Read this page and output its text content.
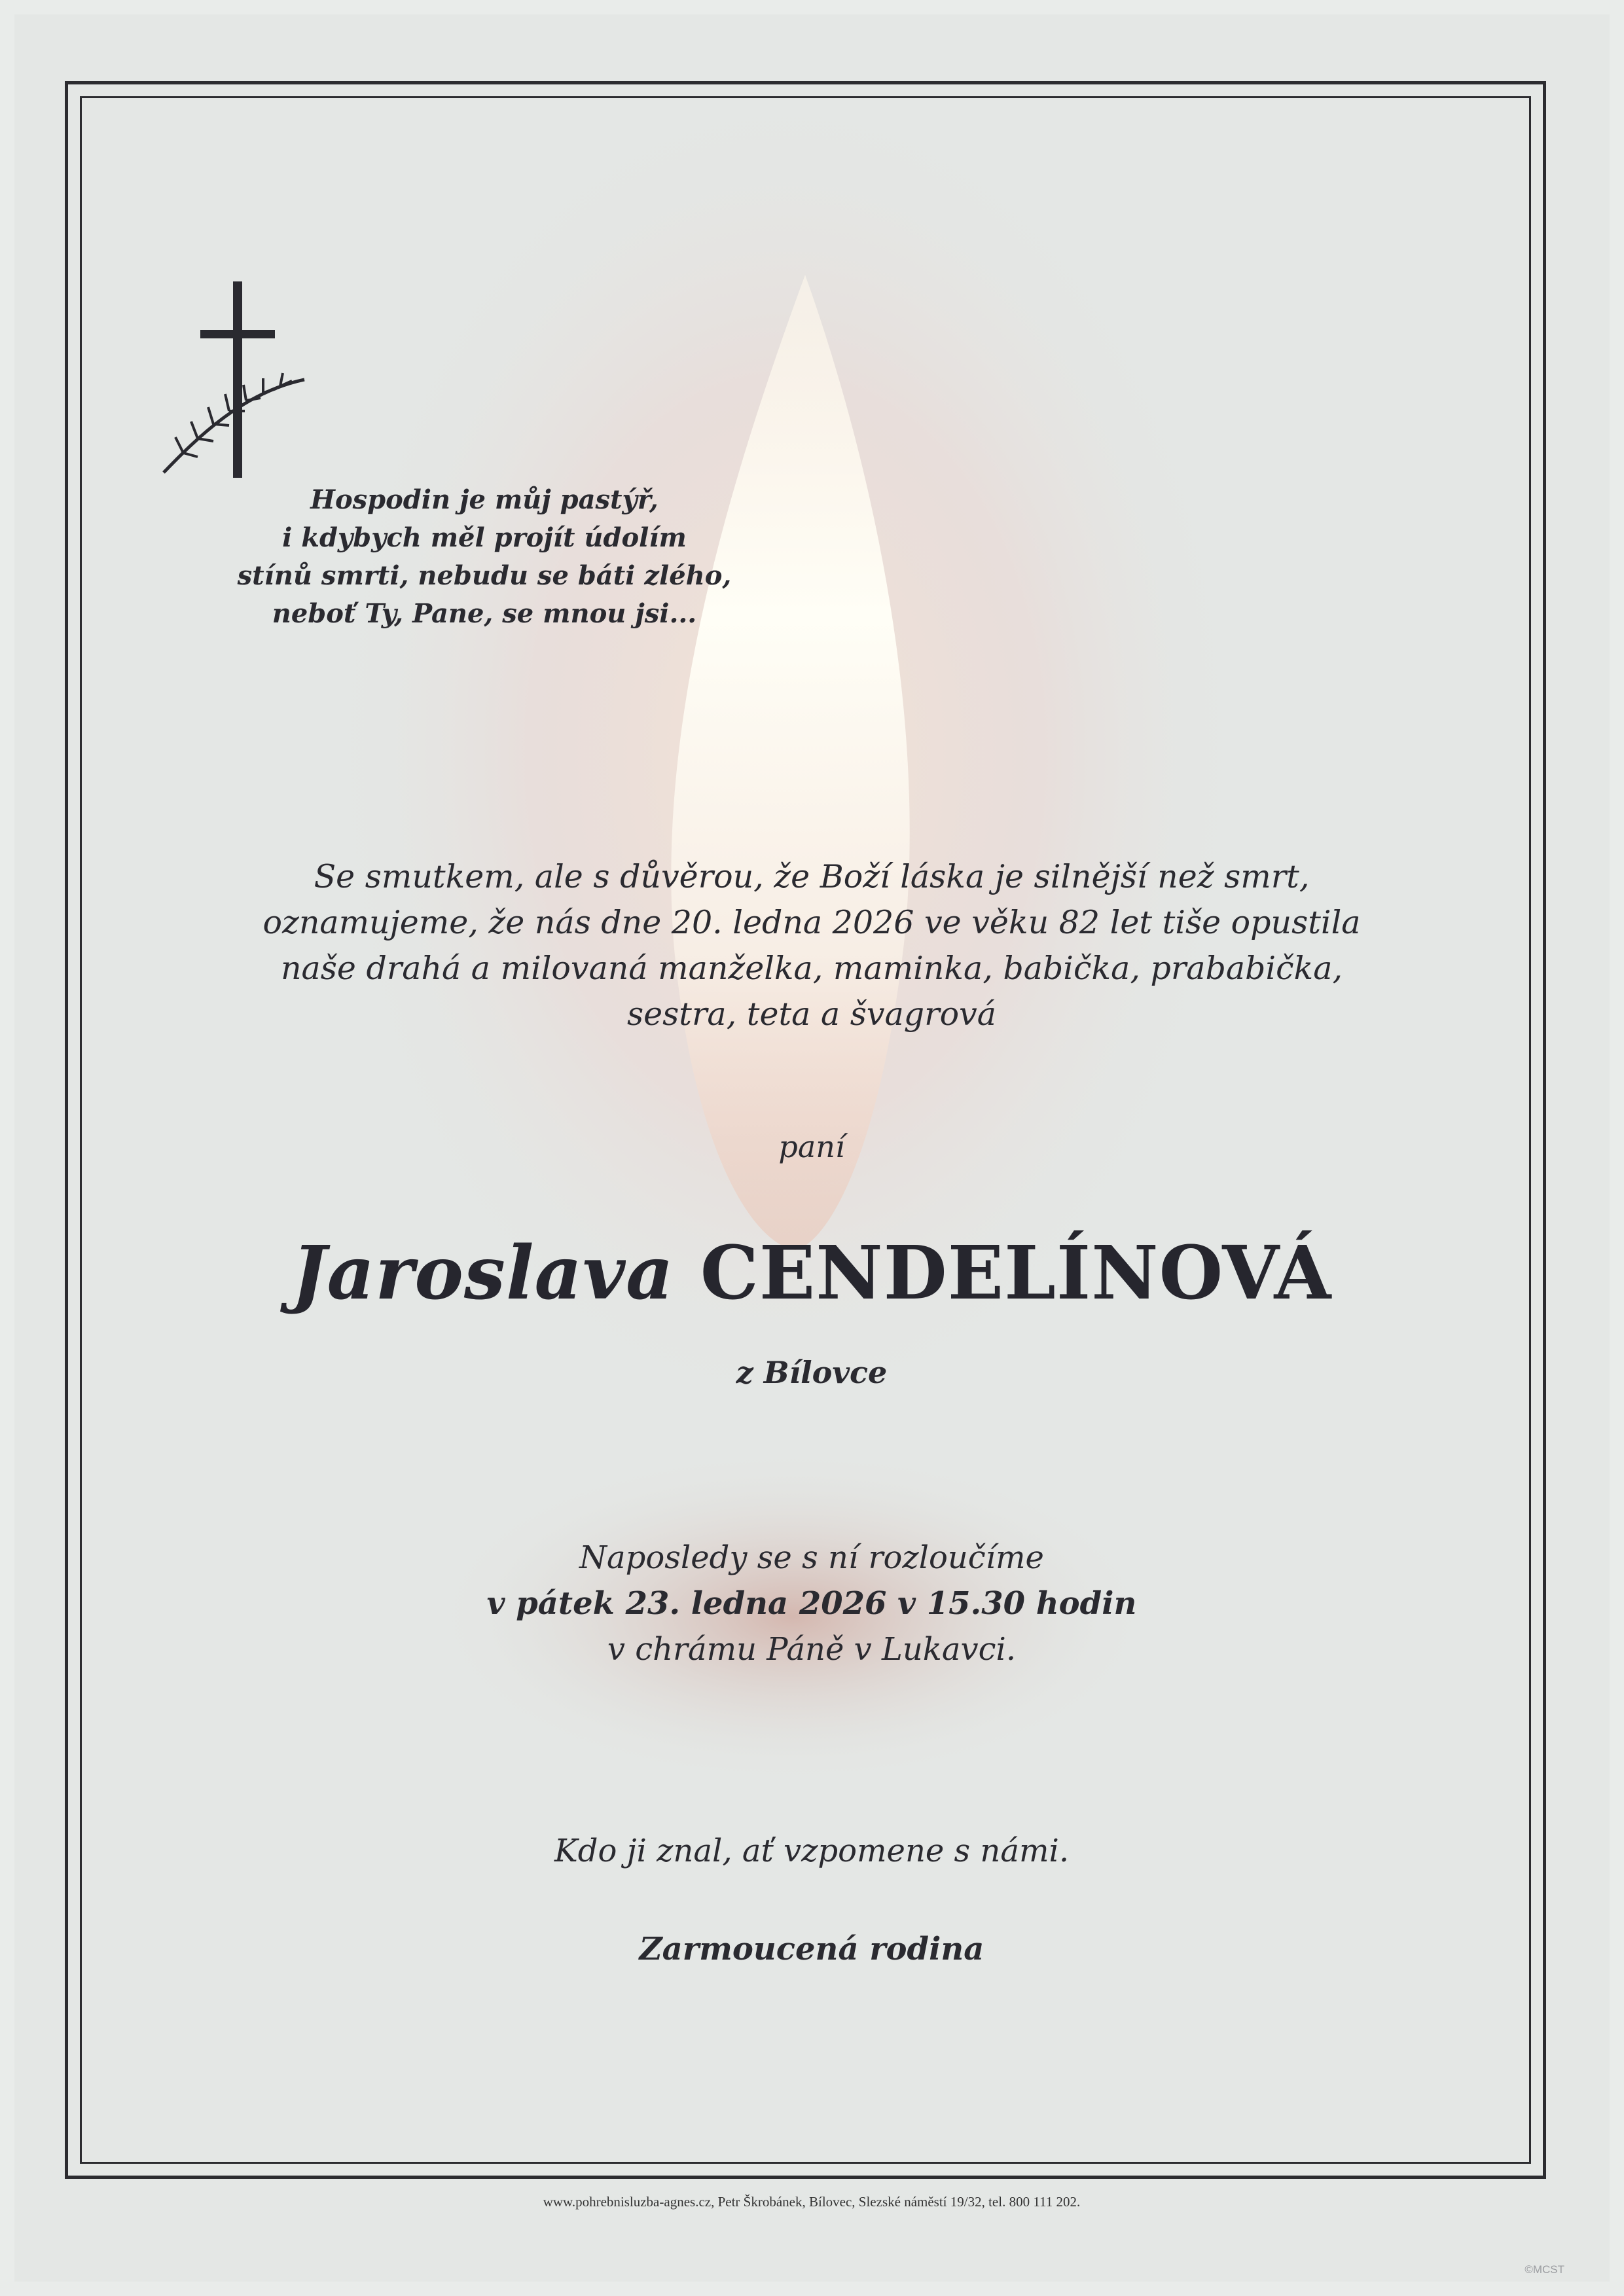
Hospodin je můj pastýř,
i kdybych měl projít údolím
stínů smrti, nebudu se báti zlého,
neboť Ty, Pane, se mnou jsi...
Se smutkem, ale s důvěrou, že Boží láska je silnější než smrt,
oznamujeme, že nás dne 20. ledna 2026 ve věku 82 let tiše opustila
naše drahá a milovaná manželka, maminka, babička, prababička,
sestra, teta a švagrová
paní
Jaroslava CENDELÍNOVÁ
z Bílovce
Naposledy se s ní rozloučíme
v pátek 23. ledna 2026 v 15.30 hodin
v chrámu Páně v Lukavci.
Kdo ji znal, ať vzpomene s námi.
Zarmoucená rodina
www.pohrebnisluzba-agnes.cz, Petr Škrobánek, Bílovec, Slezské náměstí 19/32, tel. 800 111 202.
©MCST
